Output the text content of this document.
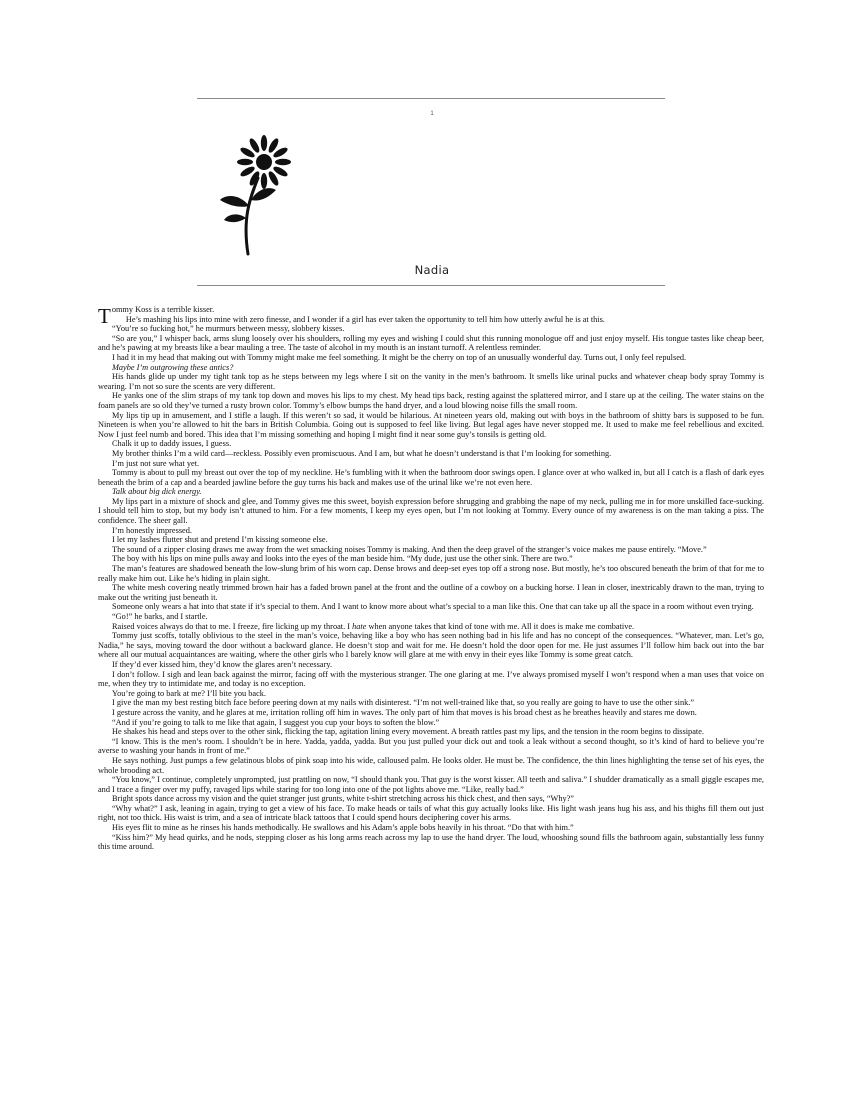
1
Nadia

T ommy Koss is a terrible kisser.
He’s mashing his lips into mine with zero finesse, and I wonder if a girl has ever taken the opportunity to tell him how utterly awful he is at this.

“You’re so fucking hot,” he murmurs between messy, slobbery kisses.

“So are you,” I whisper back, arms slung loosely over his shoulders, rolling my eyes and wishing I could shut this running monologue off and just enjoy myself. His tongue tastes like cheap beer, and he’s pawing at my breasts like a bear mauling a tree. The taste of alcohol in my mouth is an instant turnoff. A relentless reminder.

I had it in my head that making out with Tommy might make me feel something. It might be the cherry on top of an unusually wonderful day. Turns out, I only feel repulsed.

Maybe I’m outgrowing these antics?

His hands glide up under my tight tank top as he steps between my legs where I sit on the vanity in the men’s bathroom. It smells like urinal pucks and whatever cheap body spray Tommy is wearing. I’m not so sure the scents are very different.

He yanks one of the slim straps of my tank top down and moves his lips to my chest. My head tips back, resting against the splattered mirror, and I stare up at the ceiling. The water stains on the foam panels are so old they’ve turned a rusty brown color. Tommy’s elbow bumps the hand dryer, and a loud blowing noise fills the small room.

My lips tip up in amusement, and I stifle a laugh. If this weren’t so sad, it would be hilarious. At nineteen years old, making out with boys in the bathroom of shitty bars is supposed to be fun. Nineteen is when you’re allowed to hit the bars in British Columbia. Going out is supposed to feel like living. But legal ages have never stopped me. It used to make me feel rebellious and excited. Now I just feel numb and bored. This idea that I’m missing something and hoping I might find it near some guy’s tonsils is getting old.

Chalk it up to daddy issues, I guess.

My brother thinks I’m a wild card—reckless. Possibly even promiscuous. And I am, but what he doesn’t understand is that I’m looking for something.

I’m just not sure what yet.

Tommy is about to pull my breast out over the top of my neckline. He’s fumbling with it when the bathroom door swings open. I glance over at who walked in, but all I catch is a flash of dark eyes beneath the brim of a cap and a bearded jawline before the guy turns his back and makes use of the urinal like we’re not even here.

Talk about big dick energy.

My lips part in a mixture of shock and glee, and Tommy gives me this sweet, boyish expression before shrugging and grabbing the nape of my neck, pulling me in for more unskilled face-sucking. I should tell him to stop, but my body isn’t attuned to him. For a few moments, I keep my eyes open, but I’m not looking at Tommy. Every ounce of my awareness is on the man taking a piss. The confidence. The sheer gall.

I’m honestly impressed.

I let my lashes flutter shut and pretend I’m kissing someone else.

The sound of a zipper closing draws me away from the wet smacking noises Tommy is making. And then the deep gravel of the stranger’s voice makes me pause entirely. “Move.”

The boy with his lips on mine pulls away and looks into the eyes of the man beside him. “My dude, just use the other sink. There are two.”

The man’s features are shadowed beneath the low-slung brim of his worn cap. Dense brows and deep-set eyes top off a strong nose. But mostly, he’s too obscured beneath the brim of that for me to really make him out. Like he’s hiding in plain sight.

The white mesh covering neatly trimmed brown hair has a faded brown panel at the front and the outline of a cowboy on a bucking horse. I lean in closer, inextricably drawn to the man, trying to make out the writing just beneath it.

Someone only wears a hat into that state if it’s special to them. And I want to know more about what’s special to a man like this. One that can take up all the space in a room without even trying.

“Go!” he barks, and I startle.

Raised voices always do that to me. I freeze, fire licking up my throat. I hate when anyone takes that kind of tone with me. All it does is make me combative.

Tommy just scoffs, totally oblivious to the steel in the man’s voice, behaving like a boy who has seen nothing bad in his life and has no concept of the consequences. “Whatever, man. Let’s go, Nadia,” he says, moving toward the door without a backward glance. He doesn’t stop and wait for me. He doesn’t hold the door open for me. He just assumes I’ll follow him back out into the bar where all our mutual acquaintances are waiting, where the other girls who I barely know will glare at me with envy in their eyes like Tommy is some great catch.

If they’d ever kissed him, they’d know the glares aren’t necessary.

I don’t follow. I sigh and lean back against the mirror, facing off with the mysterious stranger. The one glaring at me. I’ve always promised myself I won’t respond when a man uses that voice on me, when they try to intimidate me, and today is no exception.

You’re going to bark at me? I’ll bite you back.

I give the man my best resting bitch face before peering down at my nails with disinterest. “I’m not well-trained like that, so you really are going to have to use the other sink.”

I gesture across the vanity, and he glares at me, irritation rolling off him in waves. The only part of him that moves is his broad chest as he breathes heavily and stares me down.

“And if you’re going to talk to me like that again, I suggest you cup your boys to soften the blow.”

He shakes his head and steps over to the other sink, flicking the tap, agitation lining every movement. A breath rattles past my lips, and the tension in the room begins to dissipate.

“I know. This is the men’s room. I shouldn’t be in here. Yadda, yadda, yadda. But you just pulled your dick out and took a leak without a second thought, so it’s kind of hard to believe you’re averse to washing your hands in front of me.”

He says nothing. Just pumps a few gelatinous blobs of pink soap into his wide, calloused palm. He looks older. He must be. The confidence, the thin lines highlighting the tense set of his eyes, the whole brooding act.

“You know,” I continue, completely unprompted, just prattling on now, “I should thank you. That guy is the worst kisser. All teeth and saliva.” I shudder dramatically as a small giggle escapes me, and I trace a finger over my puffy, ravaged lips while staring for too long into one of the pot lights above me. “Like, really bad.”

Bright spots dance across my vision and the quiet stranger just grunts, white t-shirt stretching across his thick chest, and then says, “Why?”

“Why what?” I ask, leaning in again, trying to get a view of his face. To make heads or tails of what this guy actually looks like. His light wash jeans hug his ass, and his thighs fill them out just right, not too thick. His waist is trim, and a sea of intricate black tattoos that I could spend hours deciphering cover his arms.

His eyes flit to mine as he rinses his hands methodically. He swallows and his Adam’s apple bobs heavily in his throat. “Do that with him.”

“Kiss him?” My head quirks, and he nods, stepping closer as his long arms reach across my lap to use the hand dryer. The loud, whooshing sound fills the bathroom again, substantially less funny this time around.
